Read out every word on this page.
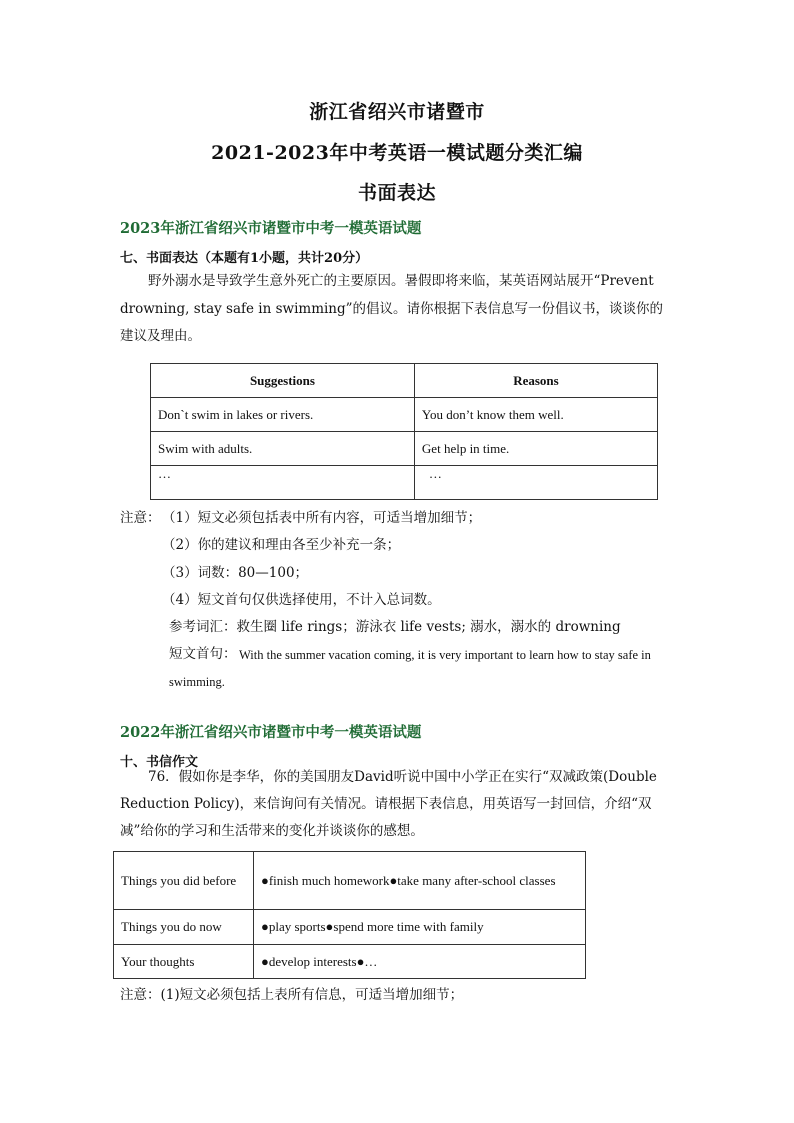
浙江省绍兴市诸暨市
2021-2023年中考英语一模试题分类汇编
书面表达
2023年浙江省绍兴市诸暨市中考一模英语试题
七、书面表达（本题有1小题，共计20分）
野外溺水是导致学生意外死亡的主要原因。暑假即将来临，某英语网站展开“Prevent drowning, stay safe in swimming”的倡议。请你根据下表信息写一份倡议书，谈谈你的建议及理由。
Suggestions	Reasons
Don`t swim in lakes or rivers.	You don’t know them well.
Swim with adults.	Get help in time.
…	…
注意： （1）短文必须包括表中所有内容，可适当增加细节；
（2）你的建议和理由各至少补充一条；
（3）词数：80—100；
（4）短文首句仅供选择使用，不计入总词数。
参考词汇：救生圈 life rings；游泳衣 life vests; 溺水，溺水的 drowning
短文首句： With the summer vacation coming, it is very important to learn how to stay safe in swimming.
2022年浙江省绍兴市诸暨市中考一模英语试题
十、书信作文
76．假如你是李华，你的美国朋友David听说中国中小学正在实行“双减政策(Double Reduction Policy)，来信询问有关情况。请根据下表信息，用英语写一封回信，介绍“双减”给你的学习和生活带来的变化并谈谈你的感想。
Things you did before	●finish much homework●take many after-school classes
Things you do now	●play sports●spend more time with family
Your thoughts	●develop interests●…
注意：(1)短文必须包括上表所有信息，可适当增加细节；
